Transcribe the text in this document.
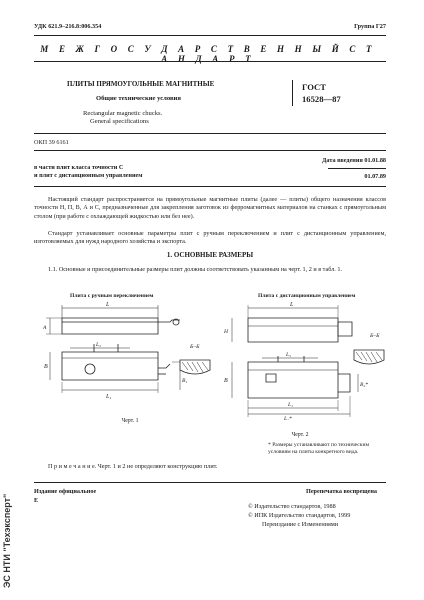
УДК 621.9–216.8:006.354	Группа Г27
М Е Ж Г О С У Д А Р С Т В Е Н Н Ы Й С Т А Н Д А Р Т
ПЛИТЫ ПРЯМОУГОЛЬНЫЕ МАГНИТНЫЕ
Общие технические условия
Rectangular magnetic chucks.
General specifications
ГОСТ
16528—87
ОКП 39 6161
Дата введения 01.01.88
в части плит класса точности С
и плит с дистанционным управлением	01.07.89
Настоящий стандарт распространяется на прямоугольные магнитные плиты (далее — плиты) общего назначения классов точности Н, П, В, А и С, предназначенные для закрепления заготовок из ферромагнитных материалов на станках с прямоугольным столом (при работе с охлаждающей жидкостью или без нее).
Стандарт устанавливает основные параметры плит с ручным переключением и плит с дистанционным управлением, изготовляемых для нужд народного хозяйства и экспорта.
1. ОСНОВНЫЕ РАЗМЕРЫ
1.1. Основные и присоединительные размеры плит должны соответствовать указанным на черт. 1, 2 и в табл. 1.
Плита с ручным переключением	Плита с дистанционным управлением
L
A
L₃
B
L₁
B₁
Б–Б
Черт. 1
L
H
L₃
B
L₁
L₂*
B₂*
Б–Б
Черт. 2
* Размеры устанавливают по техническим условиям на плиты конкретного вида.
П р и м е ч а н и е. Черт. 1 и 2 не определяют конструкцию плит.
Издание официальное
E
Перепечатка воспрещена
© Издательство стандартов, 1988
© ИПК Издательство стандартов, 1999
Переиздание с Изменениями
ЭС НТИ "Техэксперт"
